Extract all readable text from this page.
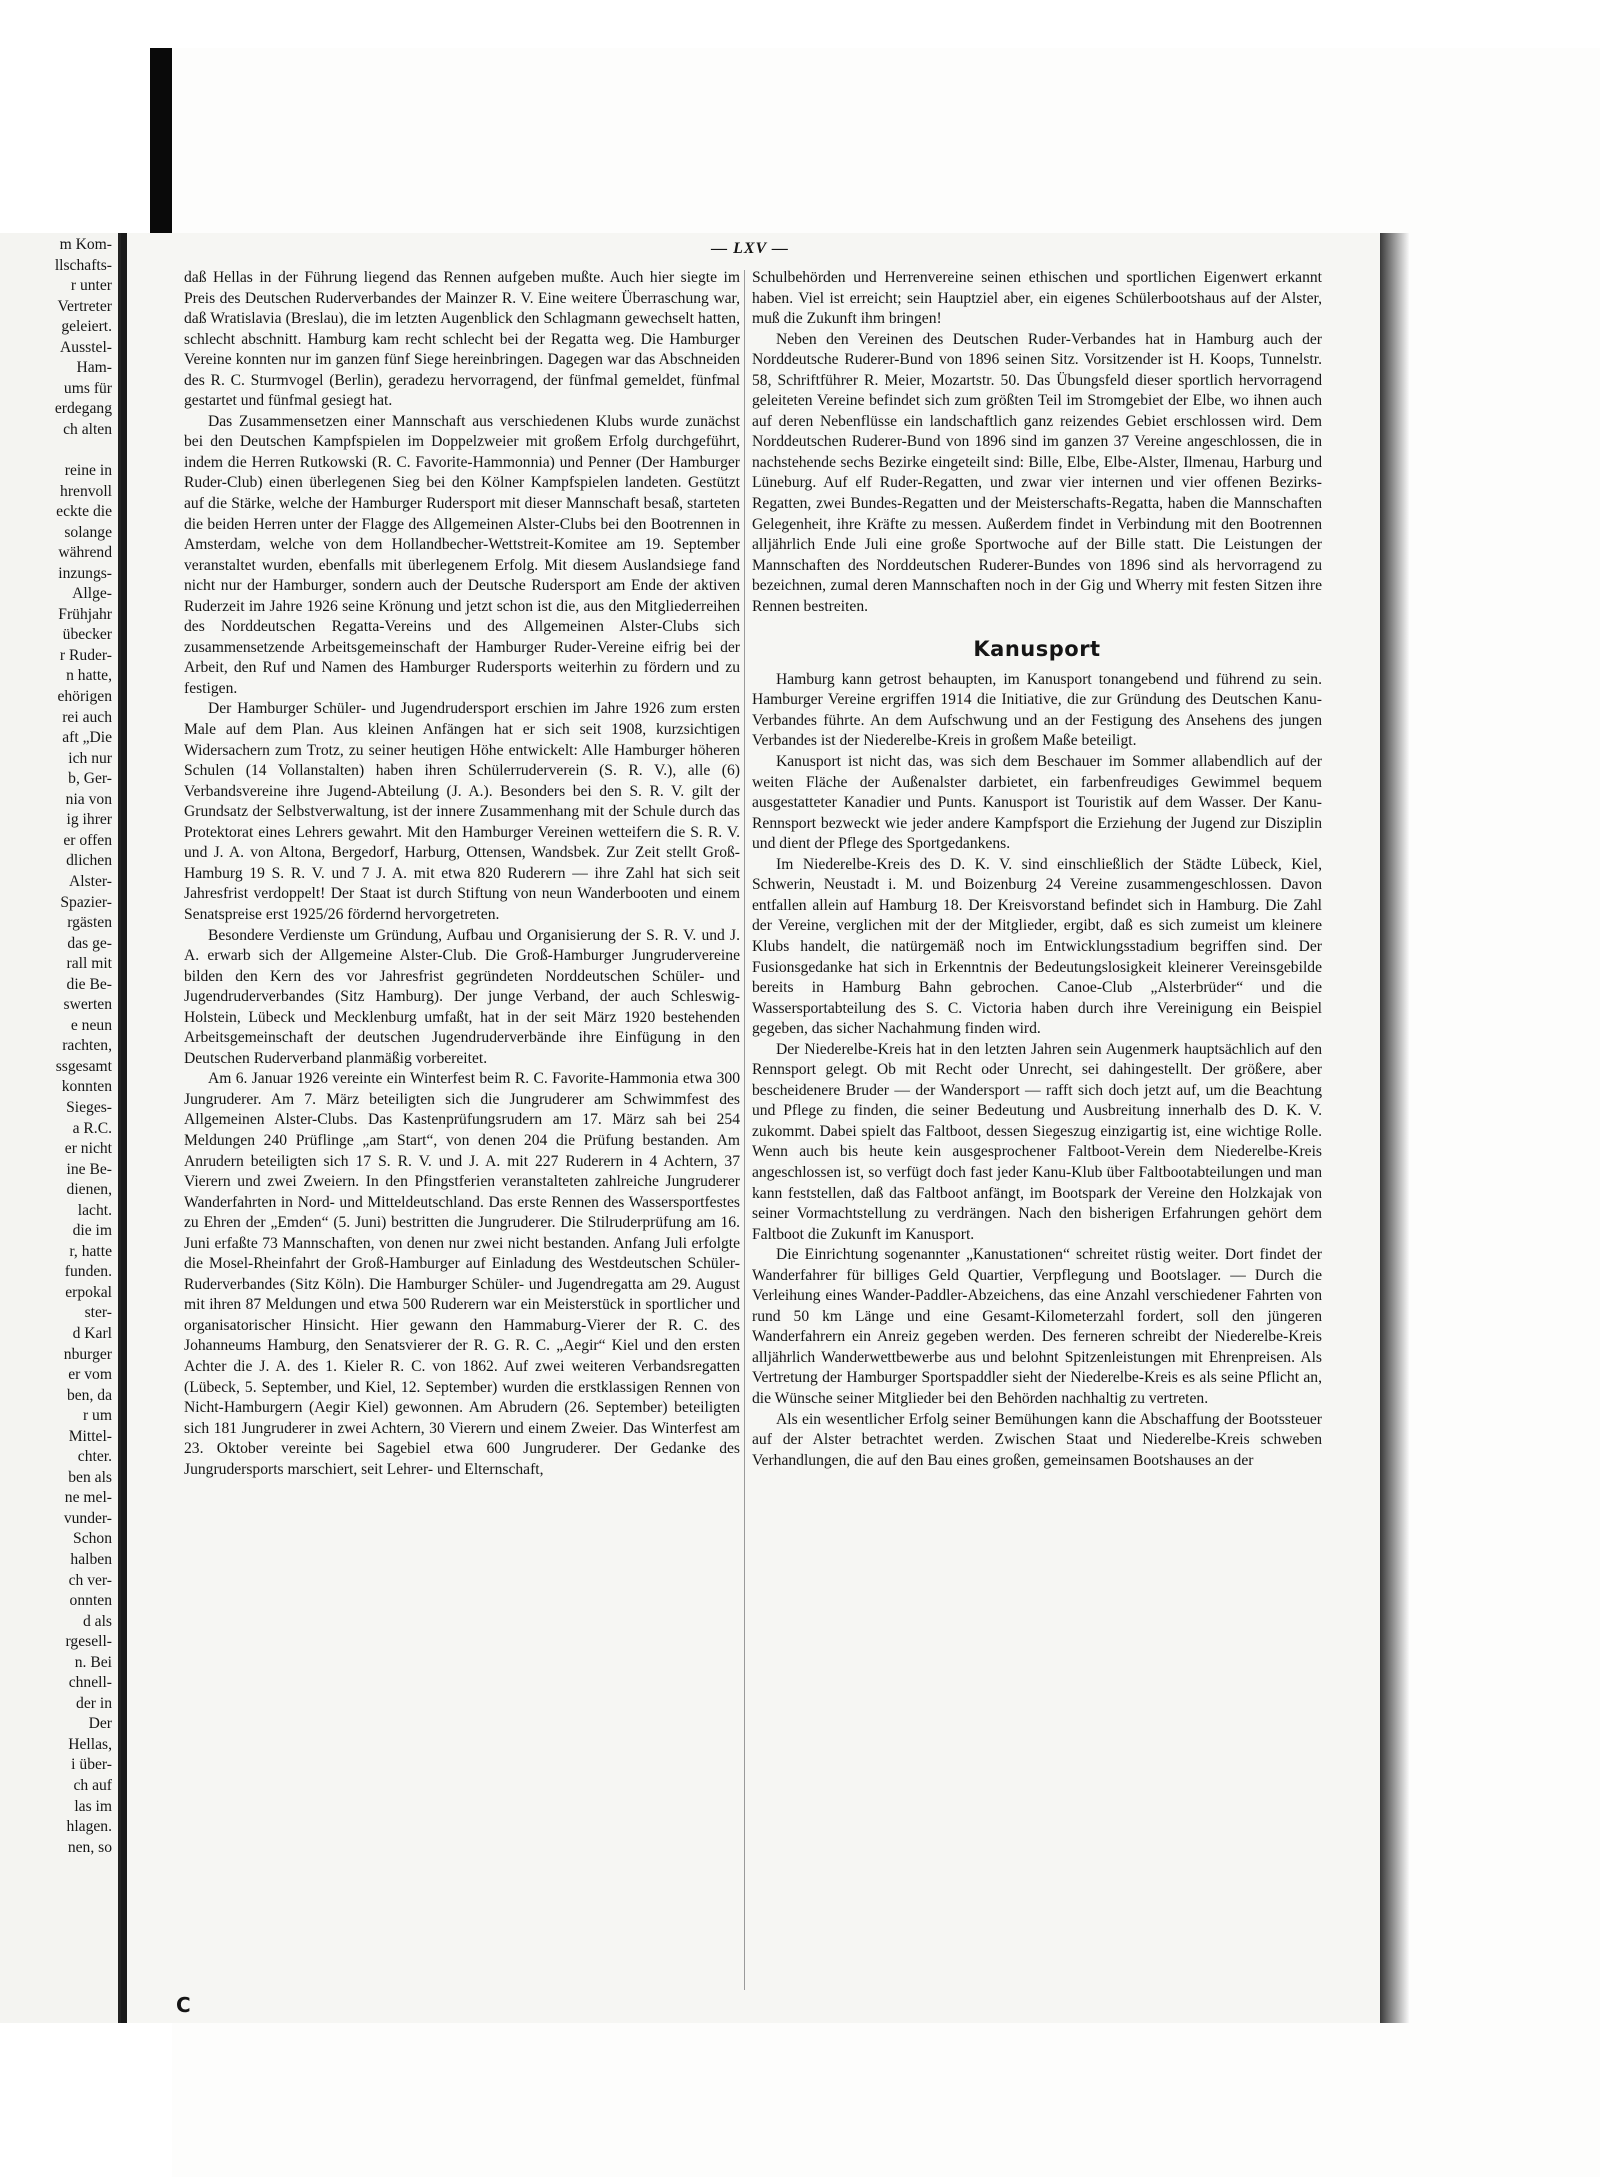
m Kom-
llschafts-
r unter
Vertreter
geleiert.
Ausstel-
Ham-
ums für
erdegang
ch alten

reine in
hrenvoll
eckte die
solange
während
inzungs-
Allge-
Frühjahr
übecker
r Ruder-
n hatte,
ehörigen
rei auch
aft „Die
ich nur
b, Ger-
nia von
ig ihrer
er offen
dlichen
Alster-
Spazier-
rgästen
das ge-
rall mit
die Be-
swerten
e neun
rachten,
ssgesamt
konnten
Sieges-
a R.C.
er nicht
ine Be-
dienen,
lacht.
die im
r, hatte
funden.
erpokal
ster-
d Karl
nburger
er vom
ben, da
r um
Mittel-
chter.
ben als
ne mel-
vunder-
Schon
halben
ch ver-
onnten
d als
rgesell-
n. Bei
chnell-
der in
Der
Hellas,
i über-
ch auf
las im
hlagen.
nen, so
— LXV —

daß Hellas in der Führung liegend das Rennen aufgeben mußte. Auch hier siegte im Preis des Deutschen Ruderverbandes der Mainzer R. V. Eine weitere Überraschung war, daß Wratislavia (Breslau), die im letzten Augenblick den Schlagmann gewechselt hatten, schlecht abschnitt. Hamburg kam recht schlecht bei der Regatta weg. Die Hamburger Vereine konnten nur im ganzen fünf Siege hereinbringen. Dagegen war das Abschneiden des R. C. Sturmvogel (Berlin), geradezu hervorragend, der fünfmal gemeldet, fünfmal gestartet und fünfmal gesiegt hat.

Das Zusammensetzen einer Mannschaft aus verschiedenen Klubs wurde zunächst bei den Deutschen Kampfspielen im Doppelzweier mit großem Erfolg durchgeführt, indem die Herren Rutkowski (R. C. Favorite-Hammonnia) und Penner (Der Hamburger Ruder-Club) einen überlegenen Sieg bei den Kölner Kampfspielen landeten. Gestützt auf die Stärke, welche der Hamburger Rudersport mit dieser Mannschaft besaß, starteten die beiden Herren unter der Flagge des Allgemeinen Alster-Clubs bei den Bootrennen in Amsterdam, welche von dem Hollandbecher-Wettstreit-Komitee am 19. September veranstaltet wurden, ebenfalls mit überlegenem Erfolg. Mit diesem Auslandsiege fand nicht nur der Hamburger, sondern auch der Deutsche Rudersport am Ende der aktiven Ruderzeit im Jahre 1926 seine Krönung und jetzt schon ist die, aus den Mitgliederreihen des Norddeutschen Regatta-Vereins und des Allgemeinen Alster-Clubs sich zusammensetzende Arbeitsgemeinschaft der Hamburger Ruder-Vereine eifrig bei der Arbeit, den Ruf und Namen des Hamburger Rudersports weiterhin zu fördern und zu festigen.

Der Hamburger Schüler- und Jugendrudersport erschien im Jahre 1926 zum ersten Male auf dem Plan. Aus kleinen Anfängen hat er sich seit 1908, kurzsichtigen Widersachern zum Trotz, zu seiner heutigen Höhe entwickelt: Alle Hamburger höheren Schulen (14 Vollanstalten) haben ihren Schülerruderverein (S. R. V.), alle (6) Verbandsvereine ihre Jugend-Abteilung (J. A.). Besonders bei den S. R. V. gilt der Grundsatz der Selbstverwaltung, ist der innere Zusammenhang mit der Schule durch das Protektorat eines Lehrers gewahrt. Mit den Hamburger Vereinen wetteifern die S. R. V. und J. A. von Altona, Bergedorf, Harburg, Ottensen, Wandsbek. Zur Zeit stellt Groß-Hamburg 19 S. R. V. und 7 J. A. mit etwa 820 Ruderern — ihre Zahl hat sich seit Jahresfrist verdoppelt! Der Staat ist durch Stiftung von neun Wanderbooten und einem Senatspreise erst 1925/26 fördernd hervorgetreten.

Besondere Verdienste um Gründung, Aufbau und Organisierung der S. R. V. und J. A. erwarb sich der Allgemeine Alster-Club. Die Groß-Hamburger Jungrudervereine bilden den Kern des vor Jahresfrist gegründeten Norddeutschen Schüler- und Jugendruderverbandes (Sitz Hamburg). Der junge Verband, der auch Schleswig-Holstein, Lübeck und Mecklenburg umfaßt, hat in der seit März 1920 bestehenden Arbeitsgemeinschaft der deutschen Jugendruderverbände ihre Einfügung in den Deutschen Ruderverband planmäßig vorbereitet.

Am 6. Januar 1926 vereinte ein Winterfest beim R. C. Favorite-Hammonia etwa 300 Jungruderer. Am 7. März beteiligten sich die Jungruderer am Schwimmfest des Allgemeinen Alster-Clubs. Das Kastenprüfungsrudern am 17. März sah bei 254 Meldungen 240 Prüflinge „am Start“, von denen 204 die Prüfung bestanden. Am Anrudern beteiligten sich 17 S. R. V. und J. A. mit 227 Ruderern in 4 Achtern, 37 Vierern und zwei Zweiern. In den Pfingstferien veranstalteten zahlreiche Jungruderer Wanderfahrten in Nord- und Mitteldeutschland. Das erste Rennen des Wassersportfestes zu Ehren der „Emden“ (5. Juni) bestritten die Jungruderer. Die Stilruderprüfung am 16. Juni erfaßte 73 Mannschaften, von denen nur zwei nicht bestanden. Anfang Juli erfolgte die Mosel-Rheinfahrt der Groß-Hamburger auf Einladung des Westdeutschen Schüler-Ruderverbandes (Sitz Köln). Die Hamburger Schüler- und Jugendregatta am 29. August mit ihren 87 Meldungen und etwa 500 Ruderern war ein Meisterstück in sportlicher und organisatorischer Hinsicht. Hier gewann den Hammaburg-Vierer der R. C. des Johanneums Hamburg, den Senatsvierer der R. G. R. C. „Aegir“ Kiel und den ersten Achter die J. A. des 1. Kieler R. C. von 1862. Auf zwei weiteren Verbandsregatten (Lübeck, 5. September, und Kiel, 12. September) wurden die erstklassigen Rennen von Nicht-Hamburgern (Aegir Kiel) gewonnen. Am Abrudern (26. September) beteiligten sich 181 Jungruderer in zwei Achtern, 30 Vierern und einem Zweier. Das Winterfest am 23. Oktober vereinte bei Sagebiel etwa 600 Jungruderer. Der Gedanke des Jungrudersports marschiert, seit Lehrer- und Elternschaft,

Schulbehörden und Herrenvereine seinen ethischen und sportlichen Eigenwert erkannt haben. Viel ist erreicht; sein Hauptziel aber, ein eigenes Schülerbootshaus auf der Alster, muß die Zukunft ihm bringen!

Neben den Vereinen des Deutschen Ruder-Verbandes hat in Hamburg auch der Norddeutsche Ruderer-Bund von 1896 seinen Sitz. Vorsitzender ist H. Koops, Tunnelstr. 58, Schriftführer R. Meier, Mozartstr. 50. Das Übungsfeld dieser sportlich hervorragend geleiteten Vereine befindet sich zum größten Teil im Stromgebiet der Elbe, wo ihnen auch auf deren Nebenflüsse ein landschaftlich ganz reizendes Gebiet erschlossen wird. Dem Norddeutschen Ruderer-Bund von 1896 sind im ganzen 37 Vereine angeschlossen, die in nachstehende sechs Bezirke eingeteilt sind: Bille, Elbe, Elbe-Alster, Ilmenau, Harburg und Lüneburg. Auf elf Ruder-Regatten, und zwar vier internen und vier offenen Bezirks-Regatten, zwei Bundes-Regatten und der Meisterschafts-Regatta, haben die Mannschaften Gelegenheit, ihre Kräfte zu messen. Außerdem findet in Verbindung mit den Bootrennen alljährlich Ende Juli eine große Sportwoche auf der Bille statt. Die Leistungen der Mannschaften des Norddeutschen Ruderer-Bundes von 1896 sind als hervorragend zu bezeichnen, zumal deren Mannschaften noch in der Gig und Wherry mit festen Sitzen ihre Rennen bestreiten.

Kanusport

Hamburg kann getrost behaupten, im Kanusport tonangebend und führend zu sein. Hamburger Vereine ergriffen 1914 die Initiative, die zur Gründung des Deutschen Kanu-Verbandes führte. An dem Aufschwung und an der Festigung des Ansehens des jungen Verbandes ist der Niederelbe-Kreis in großem Maße beteiligt.

Kanusport ist nicht das, was sich dem Beschauer im Sommer allabendlich auf der weiten Fläche der Außenalster darbietet, ein farbenfreudiges Gewimmel bequem ausgestatteter Kanadier und Punts. Kanusport ist Touristik auf dem Wasser. Der Kanu-Rennsport bezweckt wie jeder andere Kampfsport die Erziehung der Jugend zur Disziplin und dient der Pflege des Sportgedankens.

Im Niederelbe-Kreis des D. K. V. sind einschließlich der Städte Lübeck, Kiel, Schwerin, Neustadt i. M. und Boizenburg 24 Vereine zusammengeschlossen. Davon entfallen allein auf Hamburg 18. Der Kreisvorstand befindet sich in Hamburg. Die Zahl der Vereine, verglichen mit der der Mitglieder, ergibt, daß es sich zumeist um kleinere Klubs handelt, die natürgemäß noch im Entwicklungsstadium begriffen sind. Der Fusionsgedanke hat sich in Erkenntnis der Bedeutungslosigkeit kleinerer Vereinsgebilde bereits in Hamburg Bahn gebrochen. Canoe-Club „Alsterbrüder“ und die Wassersportabteilung des S. C. Victoria haben durch ihre Vereinigung ein Beispiel gegeben, das sicher Nachahmung finden wird.

Der Niederelbe-Kreis hat in den letzten Jahren sein Augenmerk hauptsächlich auf den Rennsport gelegt. Ob mit Recht oder Unrecht, sei dahingestellt. Der größere, aber bescheidenere Bruder — der Wandersport — rafft sich doch jetzt auf, um die Beachtung und Pflege zu finden, die seiner Bedeutung und Ausbreitung innerhalb des D. K. V. zukommt. Dabei spielt das Faltboot, dessen Siegeszug einzigartig ist, eine wichtige Rolle. Wenn auch bis heute kein ausgesprochener Faltboot-Verein dem Niederelbe-Kreis angeschlossen ist, so verfügt doch fast jeder Kanu-Klub über Faltbootabteilungen und man kann feststellen, daß das Faltboot anfängt, im Bootspark der Vereine den Holzkajak von seiner Vormachtstellung zu verdrängen. Nach den bisherigen Erfahrungen gehört dem Faltboot die Zukunft im Kanusport.

Die Einrichtung sogenannter „Kanustationen“ schreitet rüstig weiter. Dort findet der Wanderfahrer für billiges Geld Quartier, Verpflegung und Bootslager. — Durch die Verleihung eines Wander-Paddler-Abzeichens, das eine Anzahl verschiedener Fahrten von rund 50 km Länge und eine Gesamt-Kilometerzahl fordert, soll den jüngeren Wanderfahrern ein Anreiz gegeben werden. Des ferneren schreibt der Niederelbe-Kreis alljährlich Wanderwettbewerbe aus und belohnt Spitzenleistungen mit Ehrenpreisen. Als Vertretung der Hamburger Sportspaddler sieht der Niederelbe-Kreis es als seine Pflicht an, die Wünsche seiner Mitglieder bei den Behörden nachhaltig zu vertreten.

Als ein wesentlicher Erfolg seiner Bemühungen kann die Abschaffung der Bootssteuer auf der Alster betrachtet werden. Zwischen Staat und Niederelbe-Kreis schweben Verhandlungen, die auf den Bau eines großen, gemeinsamen Bootshauses an der

C
